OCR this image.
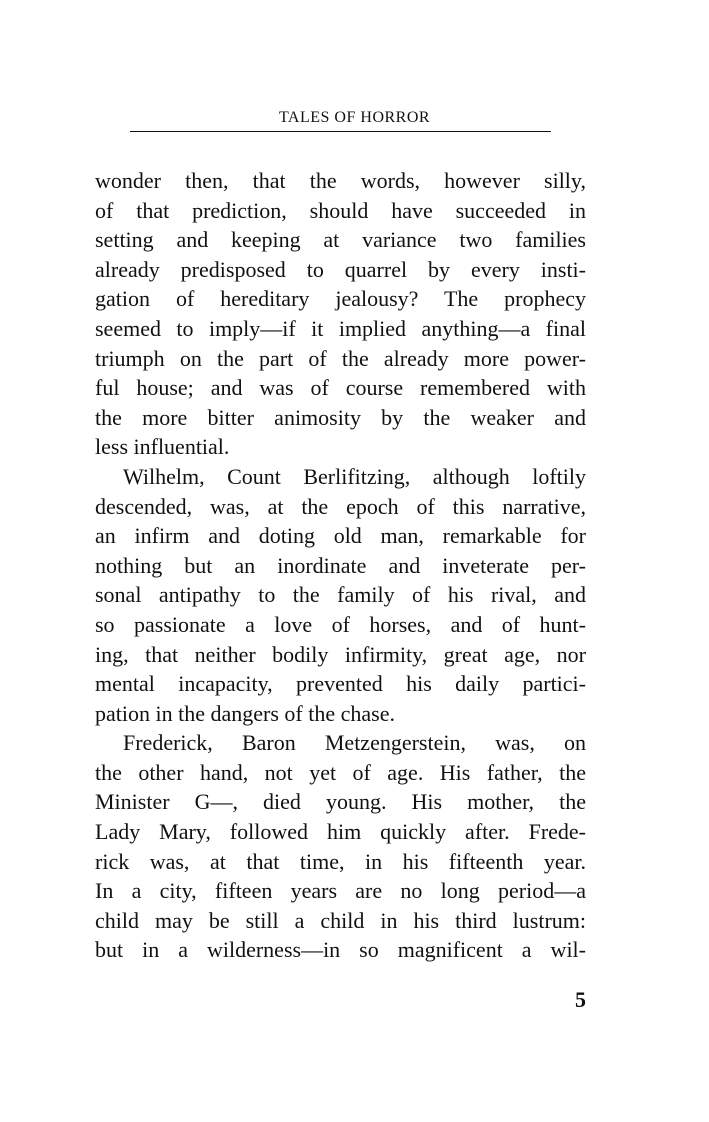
TALES OF HORROR
wonder then, that the words, however silly,
of that prediction, should have succeeded in
setting and keeping at variance two families
already predisposed to quarrel by every insti-
gation of hereditary jealousy? The prophecy
seemed to imply—if it implied anything—a final
triumph on the part of the already more power-
ful house; and was of course remembered with
the more bitter animosity by the weaker and
less influential.
Wilhelm, Count Berlifitzing, although loftily
descended, was, at the epoch of this narrative,
an infirm and doting old man, remarkable for
nothing but an inordinate and inveterate per-
sonal antipathy to the family of his rival, and
so passionate a love of horses, and of hunt-
ing, that neither bodily infirmity, great age, nor
mental incapacity, prevented his daily partici-
pation in the dangers of the chase.
Frederick, Baron Metzengerstein, was, on
the other hand, not yet of age. His father, the
Minister G—, died young. His mother, the
Lady Mary, followed him quickly after. Frede-
rick was, at that time, in his fifteenth year.
In a city, fifteen years are no long period—a
child may be still a child in his third lustrum:
but in a wilderness—in so magnificent a wil-
5
